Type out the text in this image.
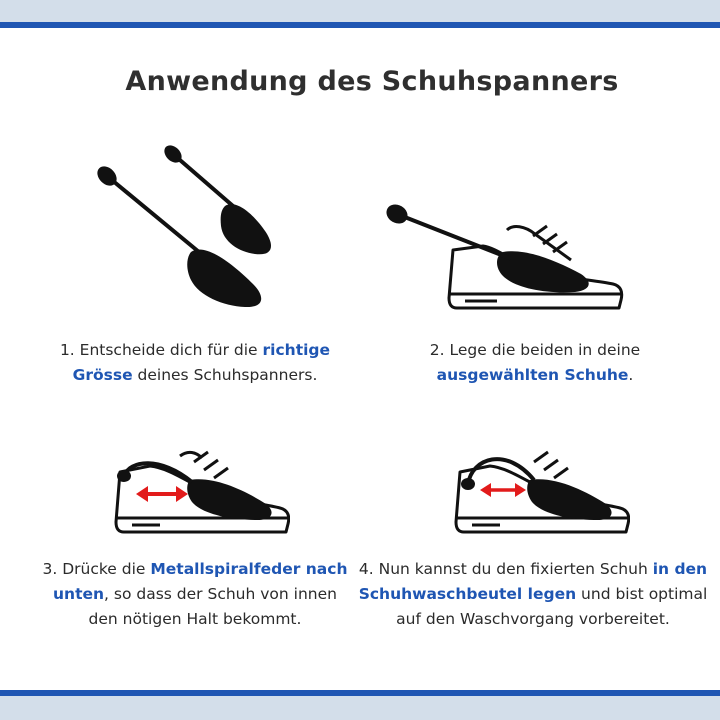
Anwendung des Schuhspanners
1. Entscheide dich für die richtige Grösse deines Schuhspanners.
2. Lege die beiden in deine ausgewählten Schuhe.
3. Drücke die Metallspiralfeder nach unten, so dass der Schuh von innen den nötigen Halt bekommt.
4. Nun kannst du den fixierten Schuh in den Schuhwaschbeutel legen und bist optimal auf den Waschvorgang vorbereitet.
